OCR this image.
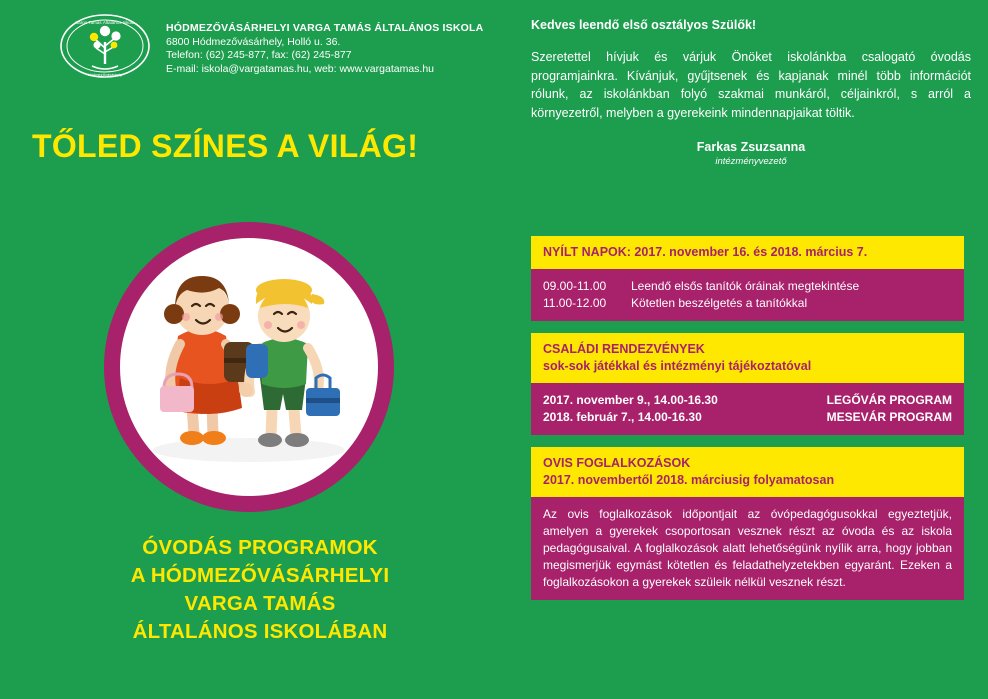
Varga Tamás Általános Iskola
Hódmezővásárhely
HÓDMEZŐVÁSÁRHELYI VARGA TAMÁS ÁLTALÁNOS ISKOLA
6800 Hódmezővásárhely, Holló u. 36.
Telefon: (62) 245-877, fax: (62) 245-877
E-mail: iskola@vargatamas.hu, web: www.vargatamas.hu
TŐLED SZÍNES A VILÁG!
ÓVODÁS PROGRAMOK
A HÓDMEZŐVÁSÁRHELYI
VARGA TAMÁS
ÁLTALÁNOS ISKOLÁBAN
Kedves leendő első osztályos Szülők!
Szeretettel hívjuk és várjuk Önöket iskolánkba csalogató óvodás programjainkra. Kívánjuk, gyűjtsenek és kapjanak minél több információt rólunk, az iskolánkban folyó szakmai munkáról, céljainkról, s arról a környezetről, melyben a gyerekeink mindennapjaikat töltik.
Farkas Zsuzsanna
intézményvezető
NYÍLT NAPOK: 2017. november 16. és 2018. március 7.
09.00-11.00	Leendő elsős tanítók óráinak megtekintése
11.00-12.00	Kötetlen beszélgetés a tanítókkal
CSALÁDI RENDEZVÉNYEK
sok-sok játékkal és intézményi tájékoztatóval
2017. november 9., 14.00-16.30	LEGŐVÁR PROGRAM
2018. február 7., 14.00-16.30	MESEVÁR PROGRAM
OVIS FOGLALKOZÁSOK
2017. novembertől 2018. márciusig folyamatosan
Az ovis foglalkozások időpontjait az óvópedagógusokkal egyeztetjük, amelyen a gyerekek csoportosan vesznek részt az óvoda és az iskola pedagógusaival. A foglalkozások alatt lehetőségünk nyílik arra, hogy jobban megismerjük egymást kötetlen és feladathelyzetekben egyaránt. Ezeken a foglalkozásokon a gyerekek szüleik nélkül vesznek részt.
